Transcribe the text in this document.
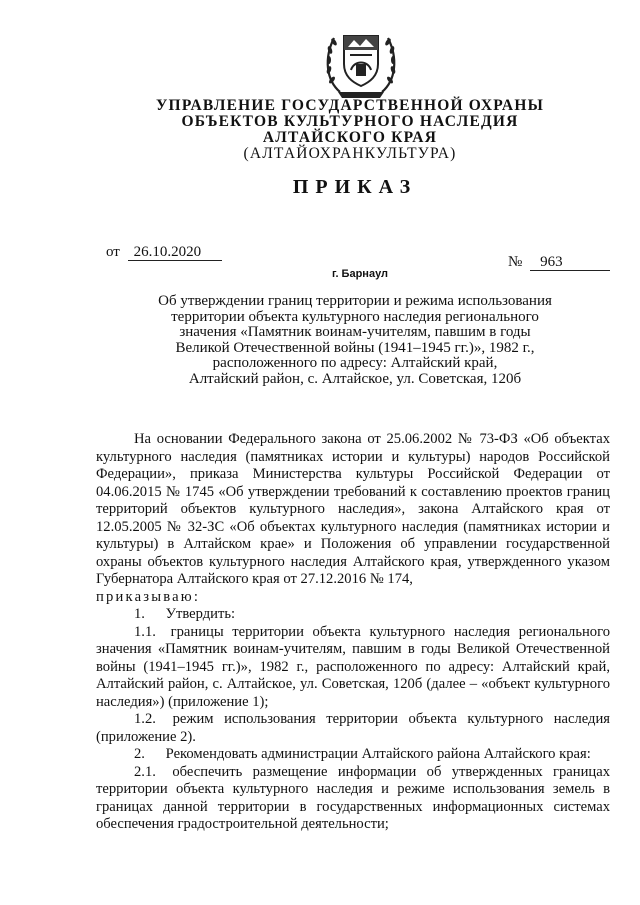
УПРАВЛЕНИЕ ГОСУДАРСТВЕННОЙ ОХРАНЫ
ОБЪЕКТОВ КУЛЬТУРНОГО НАСЛЕДИЯ
АЛТАЙСКОГО КРАЯ
(АЛТАЙОХРАНКУЛЬТУРА)
ПРИКАЗ
от 26.10.2020
№ 963
г. Барнаул
Об утверждении границ территории и режима использования
территории объекта культурного наследия регионального
значения «Памятник воинам-учителям, павшим в годы
Великой Отечественной войны (1941–1945 гг.)», 1982 г.,
расположенного по адресу: Алтайский край,
Алтайский район, с. Алтайское, ул. Советская, 120б

На основании Федерального закона от 25.06.2002 № 73-ФЗ «Об объектах культурного наследия (памятниках истории и культуры) народов Российской Федерации», приказа Министерства культуры Российской Федерации от 04.06.2015 № 1745 «Об утверждении требований к составлению проектов границ территорий объектов культурного наследия», закона Алтайского края от 12.05.2005 № 32-ЗС «Об объектах культурного наследия (памятниках истории и культуры) в Алтайском крае» и Положения об управлении государственной охраны объектов культурного наследия Алтайского края, утвержденного указом Губернатора Алтайского края от 27.12.2016 № 174,

приказываю:

1. Утвердить:

1.1. границы территории объекта культурного наследия регионального значения «Памятник воинам-учителям, павшим в годы Великой Отечественной войны (1941–1945 гг.)», 1982 г., расположенного по адресу: Алтайский край, Алтайский район, с. Алтайское, ул. Советская, 120б (далее – «объект культурного наследия») (приложение 1);

1.2. режим использования территории объекта культурного наследия (приложение 2).

2. Рекомендовать администрации Алтайского района Алтайского края:

2.1. обеспечить размещение информации об утвержденных границах территории объекта культурного наследия и режиме использования земель в границах данной территории в государственных информационных системах обеспечения градостроительной деятельности;
